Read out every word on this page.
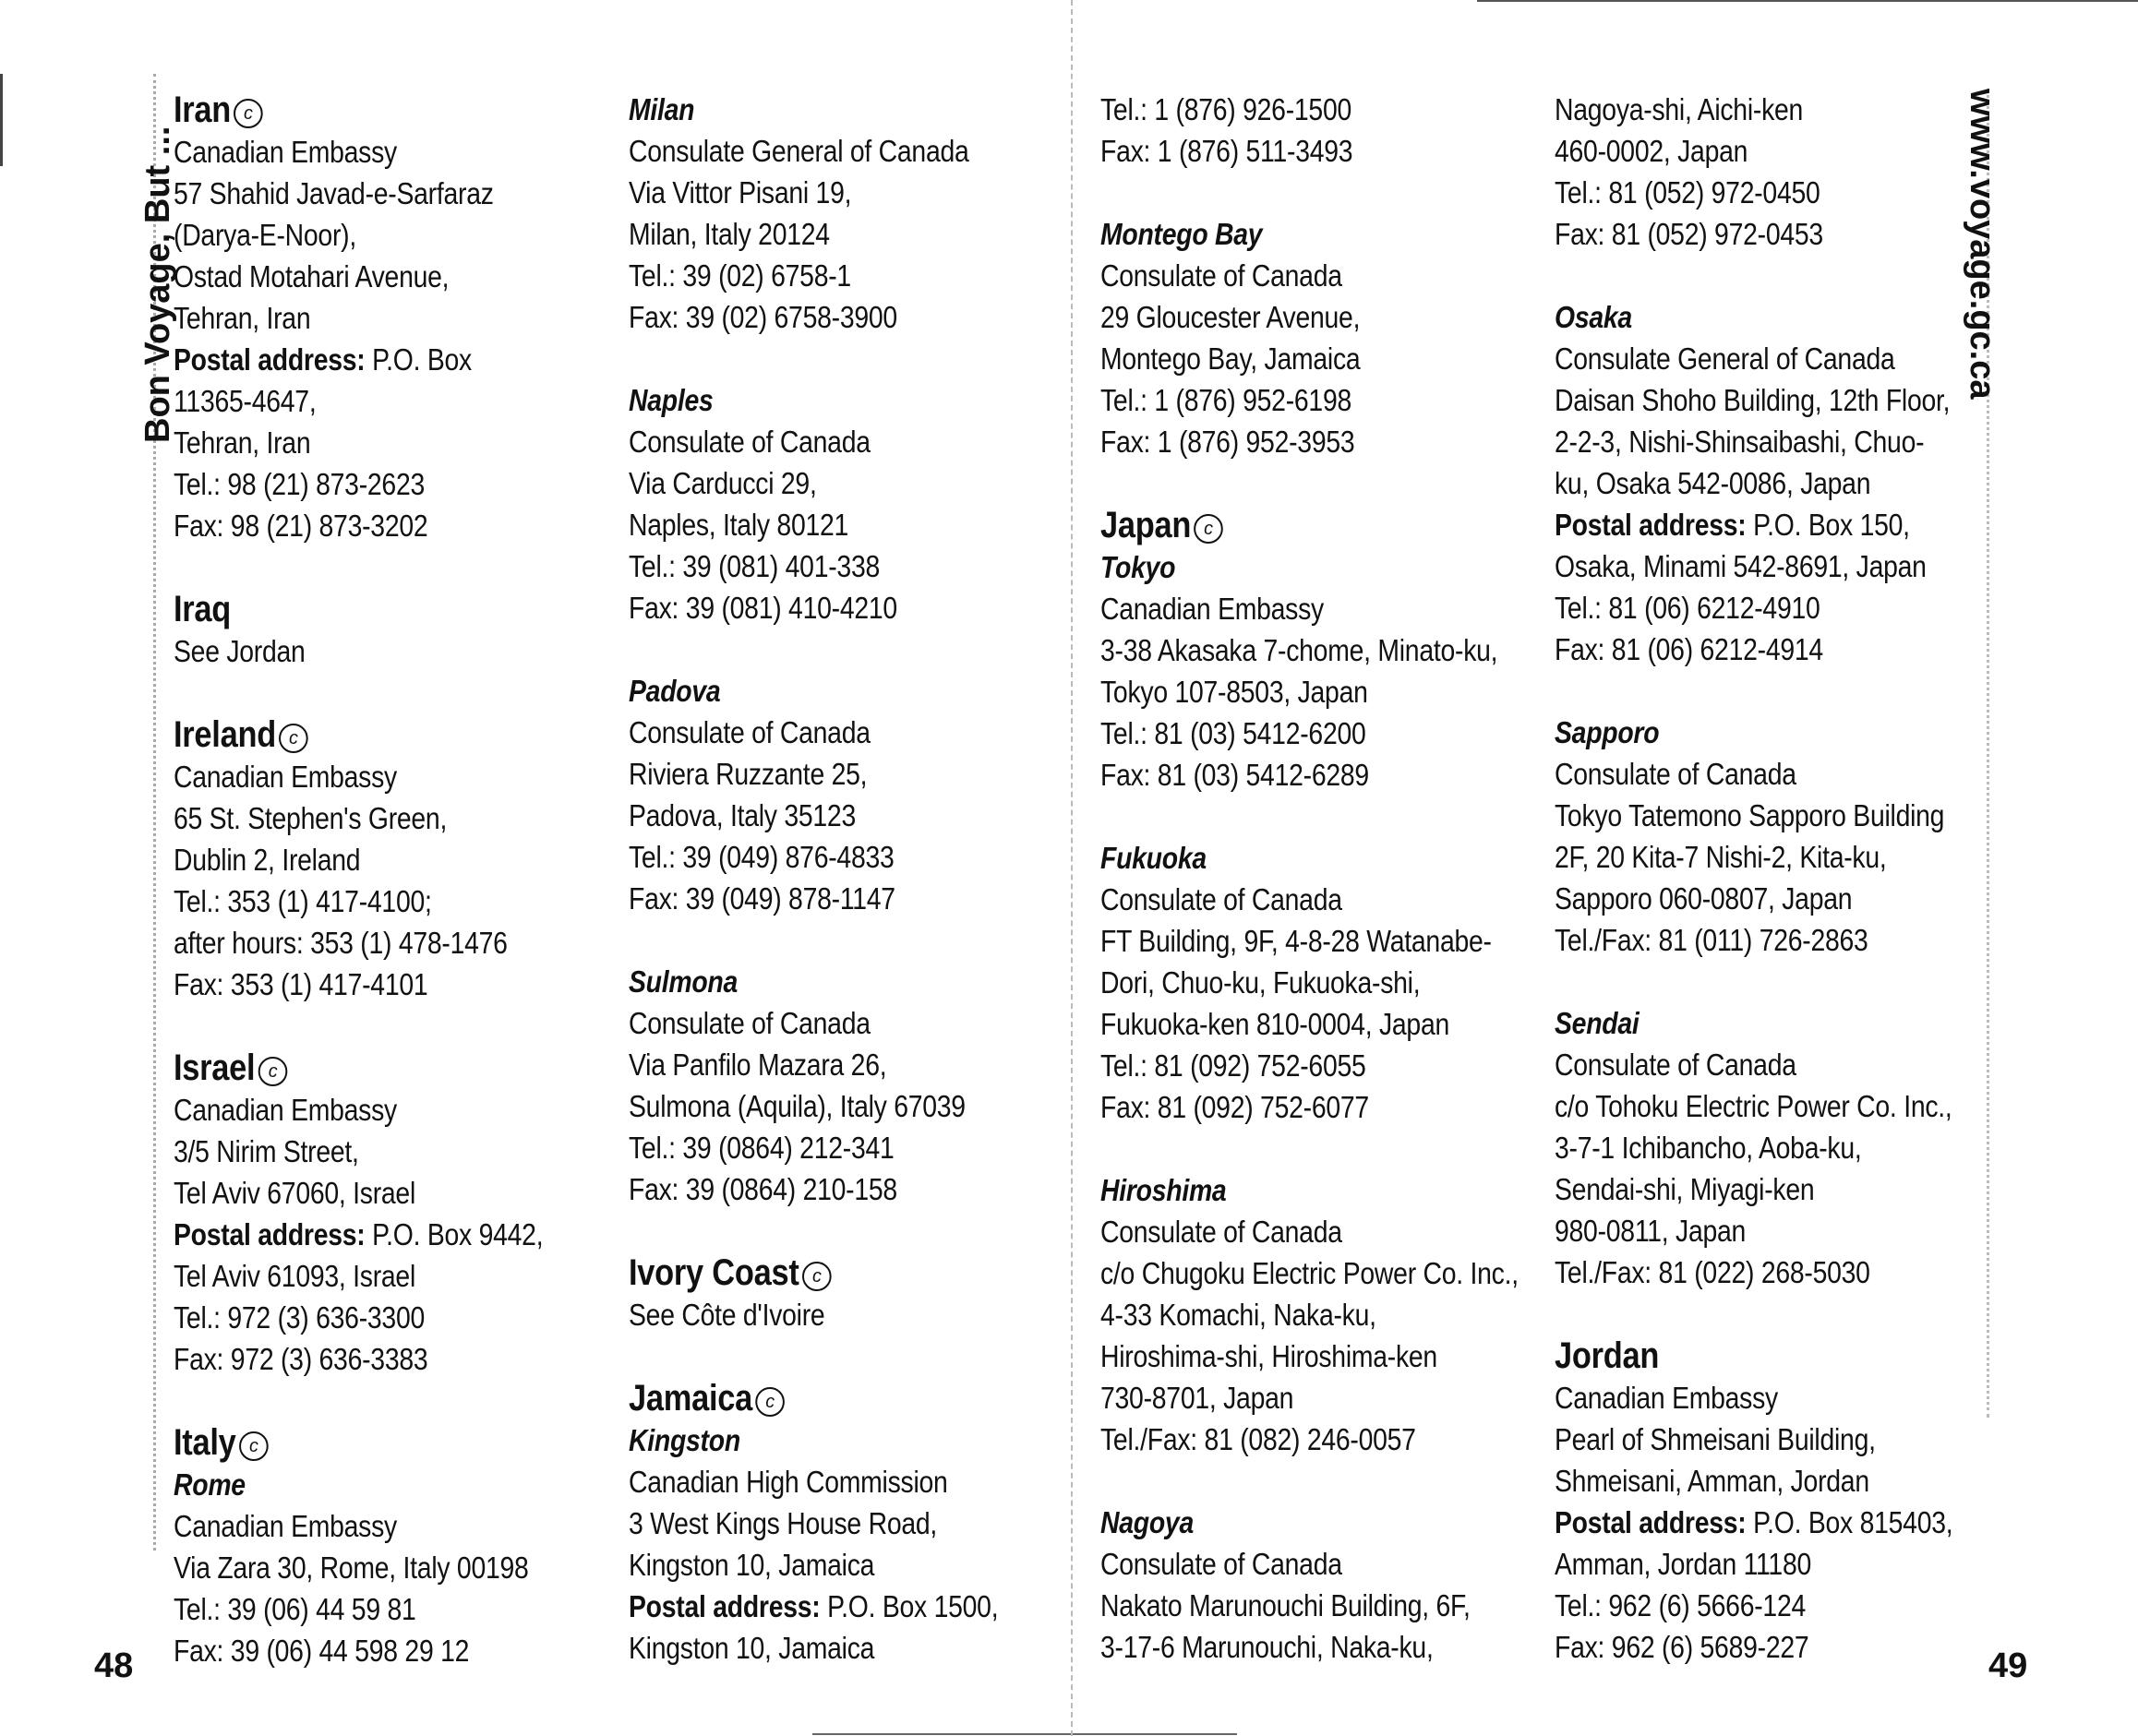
Bon Voyage, But ...	www.voyage.gc.ca
Iran c
Canadian Embassy
57 Shahid Javad-e-Sarfaraz
(Darya-E-Noor),
Ostad Motahari Avenue,
Tehran, Iran
Postal address: P.O. Box
11365-4647,
Tehran, Iran
Tel.: 98 (21) 873-2623
Fax: 98 (21) 873-3202
Iraq
See Jordan
Ireland c
Canadian Embassy
65 St. Stephen's Green,
Dublin 2, Ireland
Tel.: 353 (1) 417-4100;
after hours: 353 (1) 478-1476
Fax: 353 (1) 417-4101
Israel c
Canadian Embassy
3/5 Nirim Street,
Tel Aviv 67060, Israel
Postal address: P.O. Box 9442,
Tel Aviv 61093, Israel
Tel.: 972 (3) 636-3300
Fax: 972 (3) 636-3383
Italy c
Rome
Canadian Embassy
Via Zara 30, Rome, Italy 00198
Tel.: 39 (06) 44 59 81
Fax: 39 (06) 44 598 29 12
Milan
Consulate General of Canada
Via Vittor Pisani 19,
Milan, Italy 20124
Tel.: 39 (02) 6758-1
Fax: 39 (02) 6758-3900
Naples
Consulate of Canada
Via Carducci 29,
Naples, Italy 80121
Tel.: 39 (081) 401-338
Fax: 39 (081) 410-4210
Padova
Consulate of Canada
Riviera Ruzzante 25,
Padova, Italy 35123
Tel.: 39 (049) 876-4833
Fax: 39 (049) 878-1147
Sulmona
Consulate of Canada
Via Panfilo Mazara 26,
Sulmona (Aquila), Italy 67039
Tel.: 39 (0864) 212-341
Fax: 39 (0864) 210-158
Ivory Coast c
See Côte d'Ivoire
Jamaica c
Kingston
Canadian High Commission
3 West Kings House Road,
Kingston 10, Jamaica
Postal address: P.O. Box 1500,
Kingston 10, Jamaica
Tel.: 1 (876) 926-1500
Fax: 1 (876) 511-3493
Montego Bay
Consulate of Canada
29 Gloucester Avenue,
Montego Bay, Jamaica
Tel.: 1 (876) 952-6198
Fax: 1 (876) 952-3953
Japan c
Tokyo
Canadian Embassy
3-38 Akasaka 7-chome, Minato-ku,
Tokyo 107-8503, Japan
Tel.: 81 (03) 5412-6200
Fax: 81 (03) 5412-6289
Fukuoka
Consulate of Canada
FT Building, 9F, 4-8-28 Watanabe-
Dori, Chuo-ku, Fukuoka-shi,
Fukuoka-ken 810-0004, Japan
Tel.: 81 (092) 752-6055
Fax: 81 (092) 752-6077
Hiroshima
Consulate of Canada
c/o Chugoku Electric Power Co. Inc.,
4-33 Komachi, Naka-ku,
Hiroshima-shi, Hiroshima-ken
730-8701, Japan
Tel./Fax: 81 (082) 246-0057
Nagoya
Consulate of Canada
Nakato Marunouchi Building, 6F,
3-17-6 Marunouchi, Naka-ku,
Nagoya-shi, Aichi-ken
460-0002, Japan
Tel.: 81 (052) 972-0450
Fax: 81 (052) 972-0453
Osaka
Consulate General of Canada
Daisan Shoho Building, 12th Floor,
2-2-3, Nishi-Shinsaibashi, Chuo-
ku, Osaka 542-0086, Japan
Postal address: P.O. Box 150,
Osaka, Minami 542-8691, Japan
Tel.: 81 (06) 6212-4910
Fax: 81 (06) 6212-4914
Sapporo
Consulate of Canada
Tokyo Tatemono Sapporo Building
2F, 20 Kita-7 Nishi-2, Kita-ku,
Sapporo 060-0807, Japan
Tel./Fax: 81 (011) 726-2863
Sendai
Consulate of Canada
c/o Tohoku Electric Power Co. Inc.,
3-7-1 Ichibancho, Aoba-ku,
Sendai-shi, Miyagi-ken
980-0811, Japan
Tel./Fax: 81 (022) 268-5030
Jordan
Canadian Embassy
Pearl of Shmeisani Building,
Shmeisani, Amman, Jordan
Postal address: P.O. Box 815403,
Amman, Jordan 11180
Tel.: 962 (6) 5666-124
Fax: 962 (6) 5689-227
48	49
